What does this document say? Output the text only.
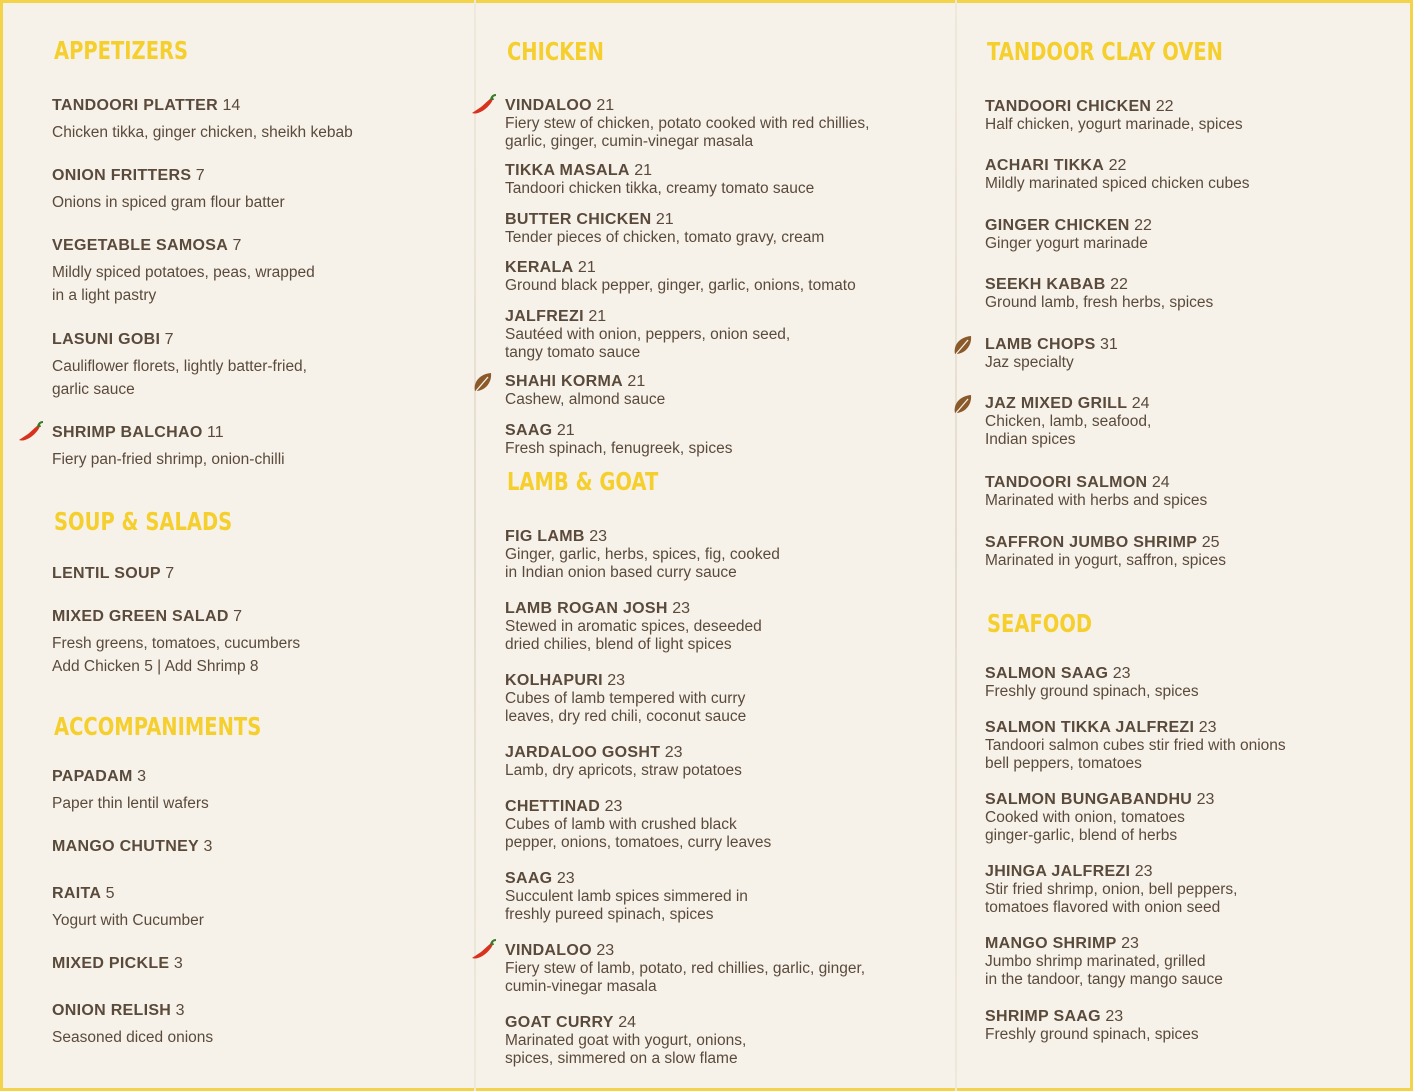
APPETIZERS
TANDOORI PLATTER 14
Chicken tikka, ginger chicken, sheikh kebab
ONION FRITTERS 7
Onions in spiced gram flour batter
VEGETABLE SAMOSA 7
Mildly spiced potatoes, peas, wrapped
in a light pastry
LASUNI GOBI 7
Cauliflower florets, lightly batter-fried,
garlic sauce
SHRIMP BALCHAO 11
Fiery pan-fried shrimp, onion-chilli
SOUP & SALADS
LENTIL SOUP 7
MIXED GREEN SALAD 7
Fresh greens, tomatoes, cucumbers
Add Chicken 5 | Add Shrimp 8
ACCOMPANIMENTS
PAPADAM 3
Paper thin lentil wafers
MANGO CHUTNEY 3
RAITA 5
Yogurt with Cucumber
MIXED PICKLE 3
ONION RELISH 3
Seasoned diced onions
CHICKEN
VINDALOO 21
Fiery stew of chicken, potato cooked with red chillies,
garlic, ginger, cumin-vinegar masala
TIKKA MASALA 21
Tandoori chicken tikka, creamy tomato sauce
BUTTER CHICKEN 21
Tender pieces of chicken, tomato gravy, cream
KERALA 21
Ground black pepper, ginger, garlic, onions, tomato
JALFREZI 21
Sautéed with onion, peppers, onion seed,
tangy tomato sauce
SHAHI KORMA 21
Cashew, almond sauce
SAAG 21
Fresh spinach, fenugreek, spices
LAMB & GOAT
FIG LAMB 23
Ginger, garlic, herbs, spices, fig, cooked
in Indian onion based curry sauce
LAMB ROGAN JOSH 23
Stewed in aromatic spices, deseeded
dried chilies, blend of light spices
KOLHAPURI 23
Cubes of lamb tempered with curry
leaves, dry red chili, coconut sauce
JARDALOO GOSHT 23
Lamb, dry apricots, straw potatoes
CHETTINAD 23
Cubes of lamb with crushed black
pepper, onions, tomatoes, curry leaves
SAAG 23
Succulent lamb spices simmered in
freshly pureed spinach, spices
VINDALOO 23
Fiery stew of lamb, potato, red chillies, garlic, ginger,
cumin-vinegar masala
GOAT CURRY 24
Marinated goat with yogurt, onions,
spices, simmered on a slow flame
TANDOOR CLAY OVEN
TANDOORI CHICKEN 22
Half chicken, yogurt marinade, spices
ACHARI TIKKA 22
Mildly marinated spiced chicken cubes
GINGER CHICKEN 22
Ginger yogurt marinade
SEEKH KABAB 22
Ground lamb, fresh herbs, spices
LAMB CHOPS 31
Jaz specialty
JAZ MIXED GRILL 24
Chicken, lamb, seafood,
Indian spices
TANDOORI SALMON 24
Marinated with herbs and spices
SAFFRON JUMBO SHRIMP 25
Marinated in yogurt, saffron, spices
SEAFOOD
SALMON SAAG 23
Freshly ground spinach, spices
SALMON TIKKA JALFREZI 23
Tandoori salmon cubes stir fried with onions
bell peppers, tomatoes
SALMON BUNGABANDHU 23
Cooked with onion, tomatoes
ginger-garlic, blend of herbs
JHINGA JALFREZI 23
Stir fried shrimp, onion, bell peppers,
tomatoes flavored with onion seed
MANGO SHRIMP 23
Jumbo shrimp marinated, grilled
in the tandoor, tangy mango sauce
SHRIMP SAAG 23
Freshly ground spinach, spices
